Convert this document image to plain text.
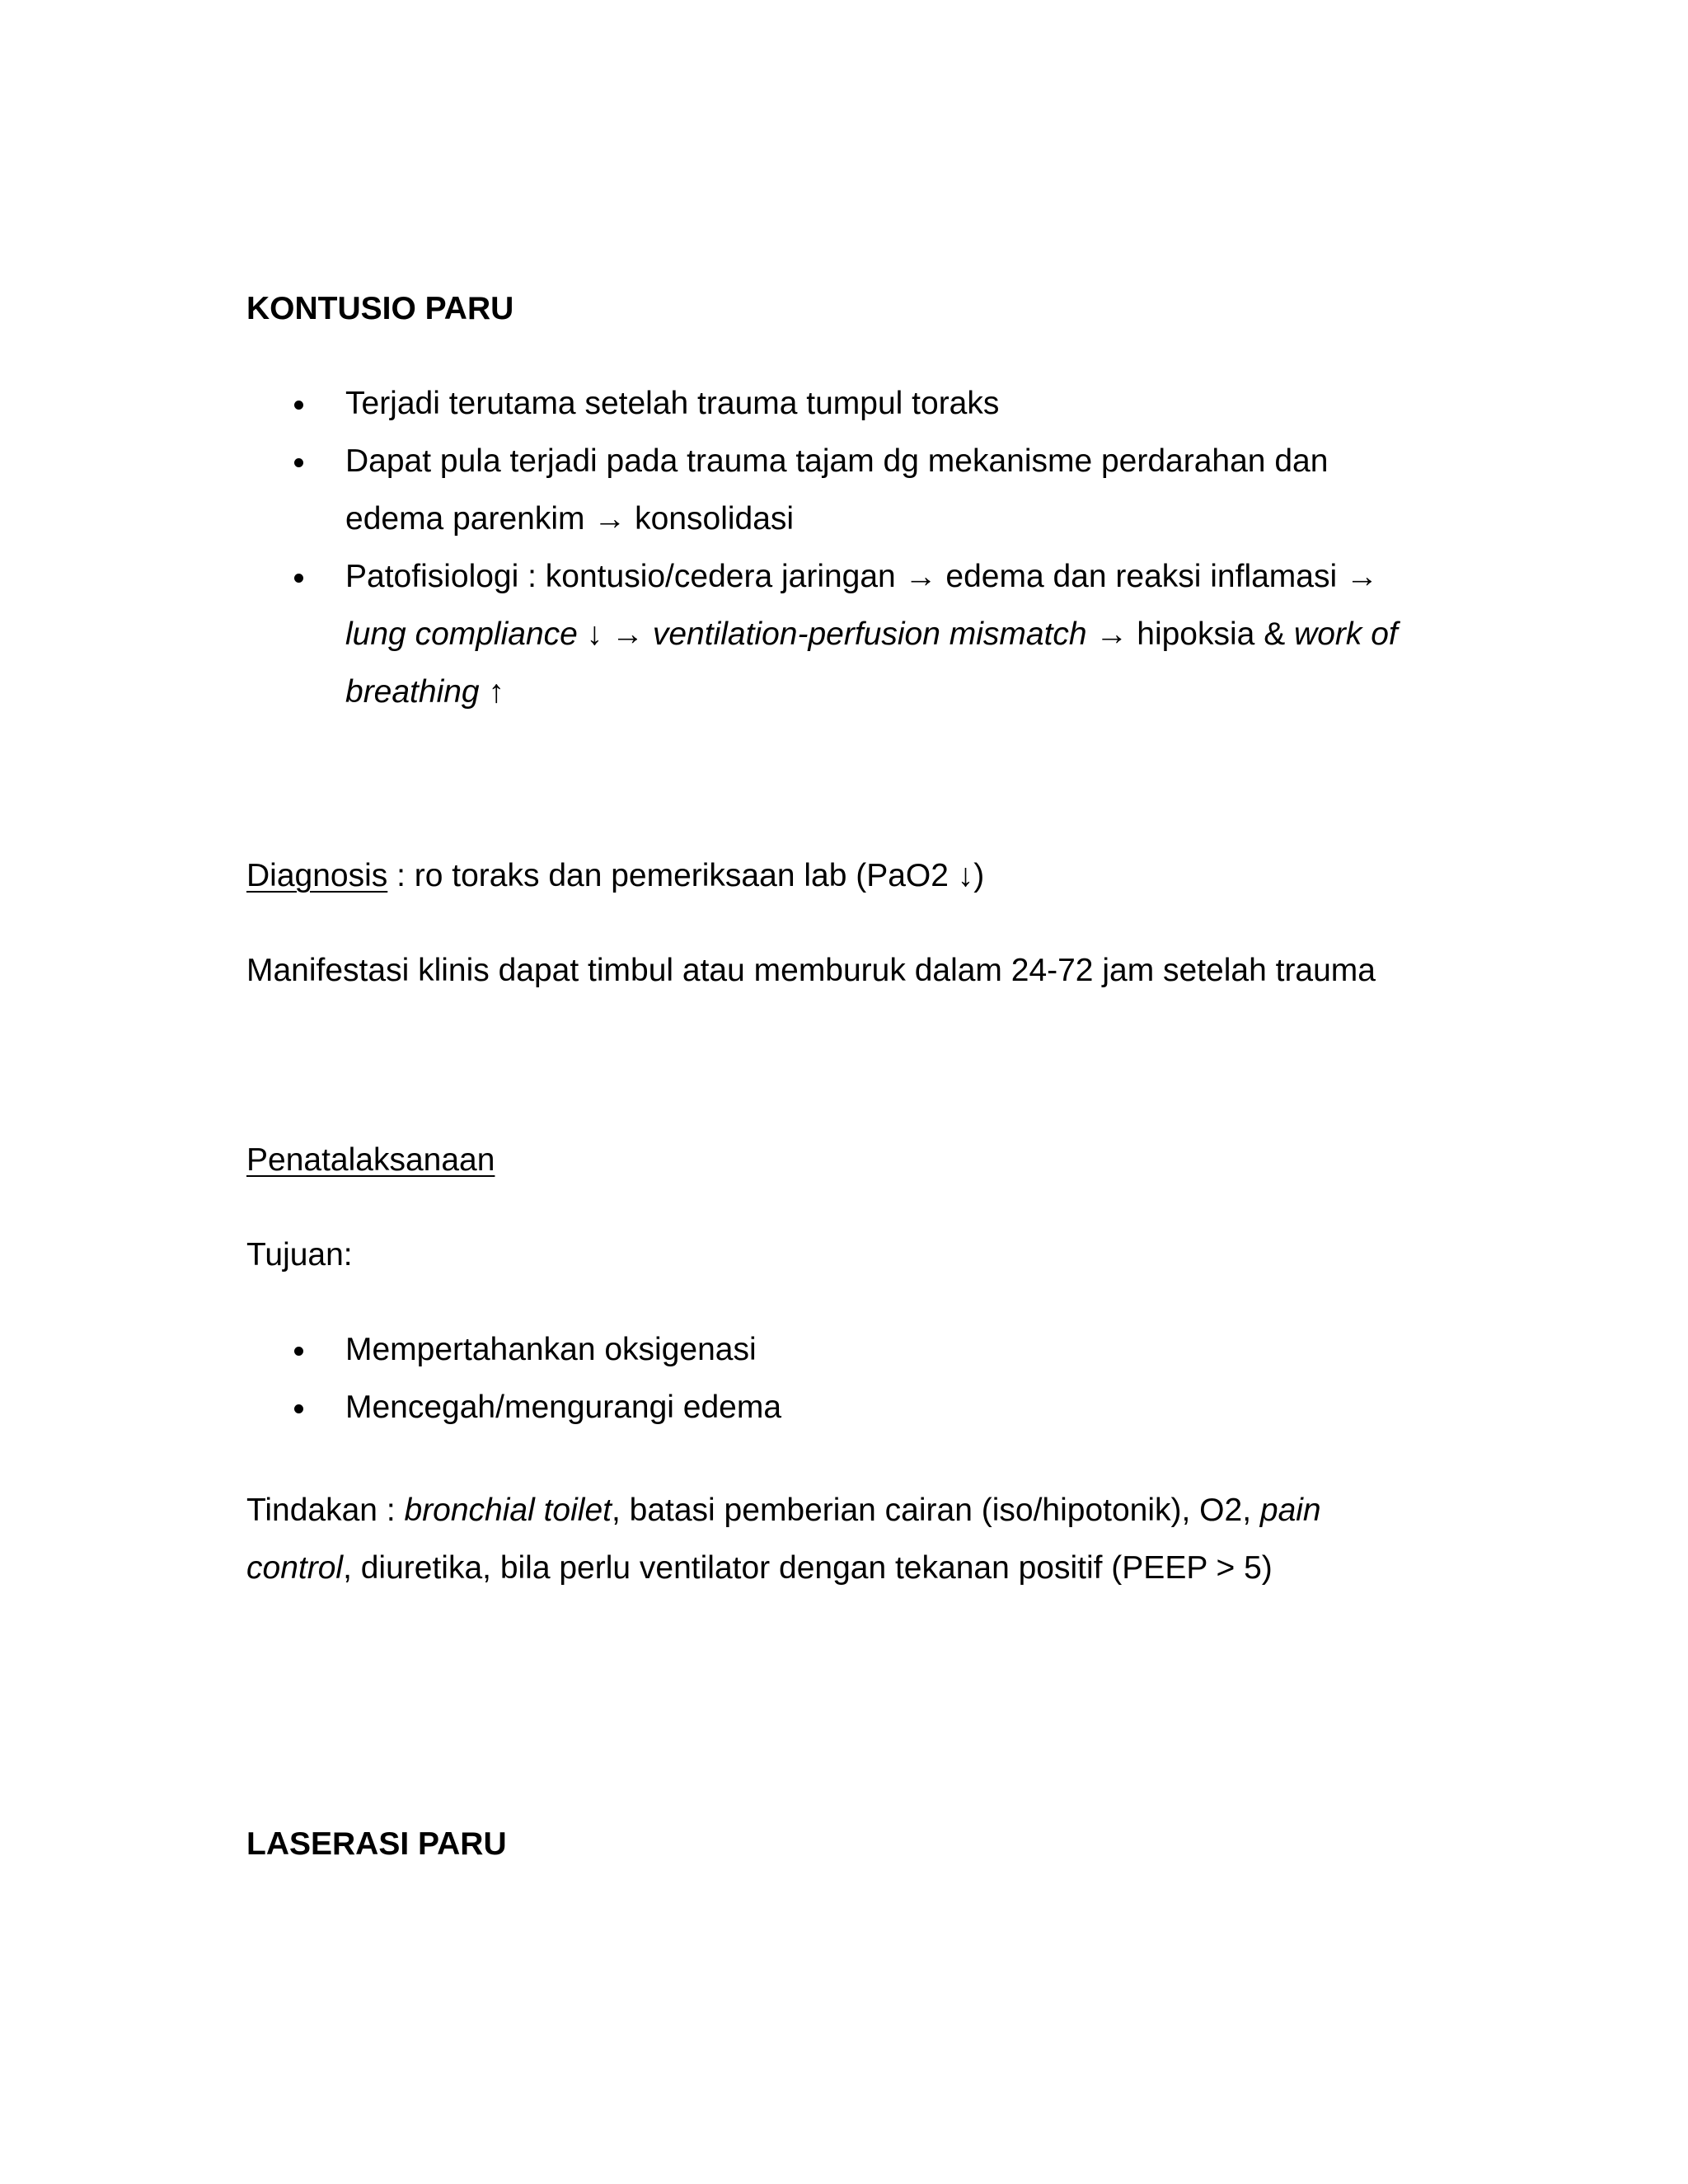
KONTUSIO PARU
Terjadi terutama setelah trauma tumpul toraks
Dapat pula terjadi pada trauma tajam dg mekanisme perdarahan dan
edema parenkim → konsolidasi
Patofisiologi : kontusio/cedera jaringan → edema dan reaksi inflamasi →
lung compliance ↓ → ventilation-perfusion mismatch → hipoksia & work of
breathing ↑
Diagnosis : ro toraks dan pemeriksaan lab (PaO2 ↓)
Manifestasi klinis dapat timbul atau memburuk dalam 24-72 jam setelah trauma
Penatalaksanaan
Tujuan:
Mempertahankan oksigenasi
Mencegah/mengurangi edema
Tindakan : bronchial toilet, batasi pemberian cairan (iso/hipotonik), O2, pain
control, diuretika, bila perlu ventilator dengan tekanan positif (PEEP > 5)
LASERASI PARU
